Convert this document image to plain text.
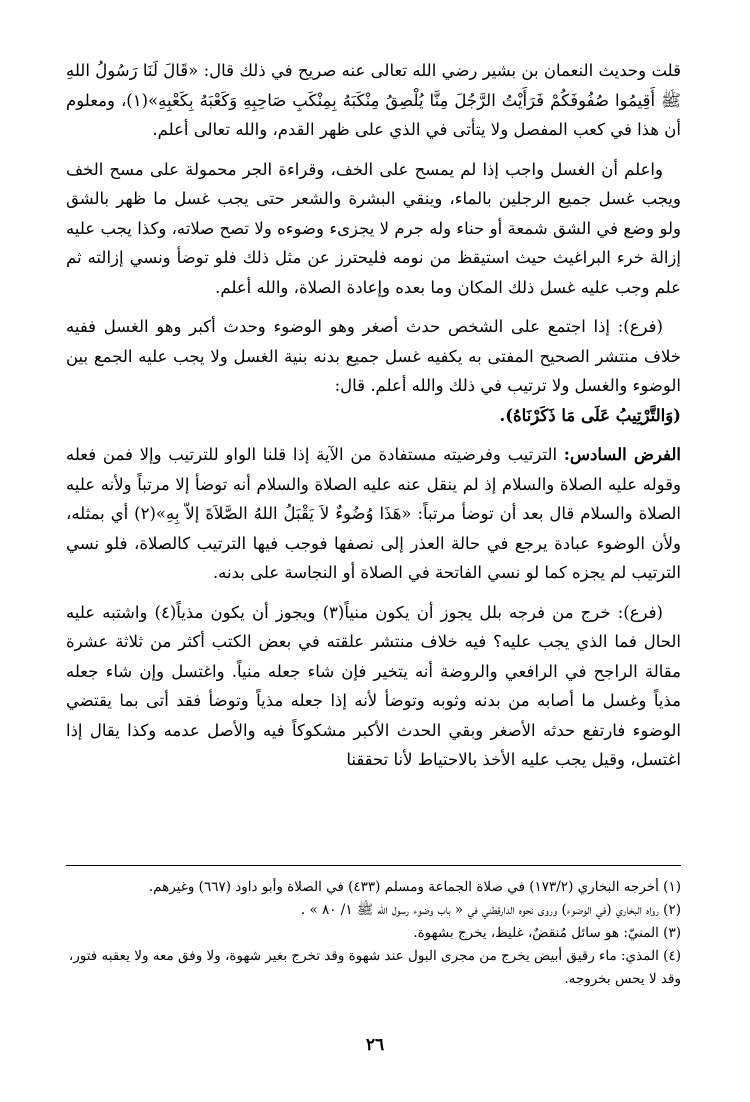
قلت وحديث النعمان بن بشير رضي الله تعالى عنه صريح في ذلك قال: «قَالَ لَنَا رَسُولُ اللهِ ﷺ أَقِيمُوا صُفُوفَكُمْ فَرَأَيْتُ الرَّجُلَ مِنَّا يُلْصِقُ مِنْكَبَهُ بِمِنْكَبِ صَاحِبِهِ وَكَعْبَهُ بِكَعْبِهِ»(١)، ومعلوم أن هذا في كعب المفصل ولا يتأتى في الذي على ظهر القدم، والله تعالى أعلم.

واعلم أن الغسل واجب إذا لم يمسح على الخف، وقراءة الجر محمولة على مسح الخف ويجب غسل جميع الرجلين بالماء، وينقي البشرة والشعر حتى يجب غسل ما ظهر بالشق ولو وضع في الشق شمعة أو حناء وله جرم لا يجزىء وضوءه ولا تصح صلاته، وكذا يجب عليه إزالة خرء البراغيث حيث استيقظ من نومه فليحترز عن مثل ذلك فلو توضأ ونسي إزالته ثم علم وجب عليه غسل ذلك المكان وما بعده وإعادة الصلاة، والله أعلم.

(فرع): إذا اجتمع على الشخص حدث أصغر وهو الوضوء وحدث أكبر وهو الغسل ففيه خلاف منتشر الصحيح المفتى به يكفيه غسل جميع بدنه بنية الغسل ولا يجب عليه الجمع بين الوضوء والغسل ولا ترتيب في ذلك والله أعلم. قال:

(وَالتَّرْتِيبُ عَلَى مَا ذَكَرْنَاهُ).

الفرض السادس: الترتيب وفرضيته مستفادة من الآية إذا قلنا الواو للترتيب وإلا فمن فعله وقوله عليه الصلاة والسلام إذ لم ينقل عنه عليه الصلاة والسلام أنه توضأ إلا مرتباً ولأنه عليه الصلاة والسلام قال بعد أن توضأ مرتباً: «هَذَا وُضُوءٌ لاَ يَقْبَلُ اللهُ الصَّلاَةَ إلاّ بِهِ»(٢) أي بمثله، ولأن الوضوء عبادة يرجع في حالة العذر إلى نصفها فوجب فيها الترتيب كالصلاة، فلو نسي الترتيب لم يجزه كما لو نسي الفاتحة في الصلاة أو النجاسة على بدنه.

(فرع): خرج من فرجه بلل يجوز أن يكون منياً(٣) ويجوز أن يكون مذياً(٤) واشتبه عليه الحال فما الذي يجب عليه؟ فيه خلاف منتشر علقته في بعض الكتب أكثر من ثلاثة عشرة مقالة الراجح في الرافعي والروضة أنه يتخير فإن شاء جعله منياً. واغتسل وإن شاء جعله مذياً وغسل ما أصابه من بدنه وثوبه وتوضأ لأنه إذا جعله مذياً وتوضأ فقد أتى بما يقتضي الوضوء فارتفع حدثه الأصغر وبقي الحدث الأكبر مشكوكاً فيه والأصل عدمه وكذا يقال إذا اغتسل، وقيل يجب عليه الأخذ بالاحتياط لأنا تحققنا

(١) أخرجه البخاري (١٧٣/٢) في صلاة الجماعة ومسلم (٤٣٣) في الصلاة وأبو داود (٦٦٧) وغيرهم.

(٢) رواه البخاري (في الوضوء) وروى نحوه الدارقطني في « باب وضوء رسول الله ﷺ ١/ ٨٠ » .

(٣) المنيّ: هو سائل مُنقضٌ، غليظ، يخرج بشهوة.

(٤) المذي: ماء رقيق أبيض يخرج من مجرى البول عند شهوة وقد تخرج بغير شهوة، ولا وفق معه ولا يعقبه فتور، وقد لا يحس بخروجه.

٢٦
